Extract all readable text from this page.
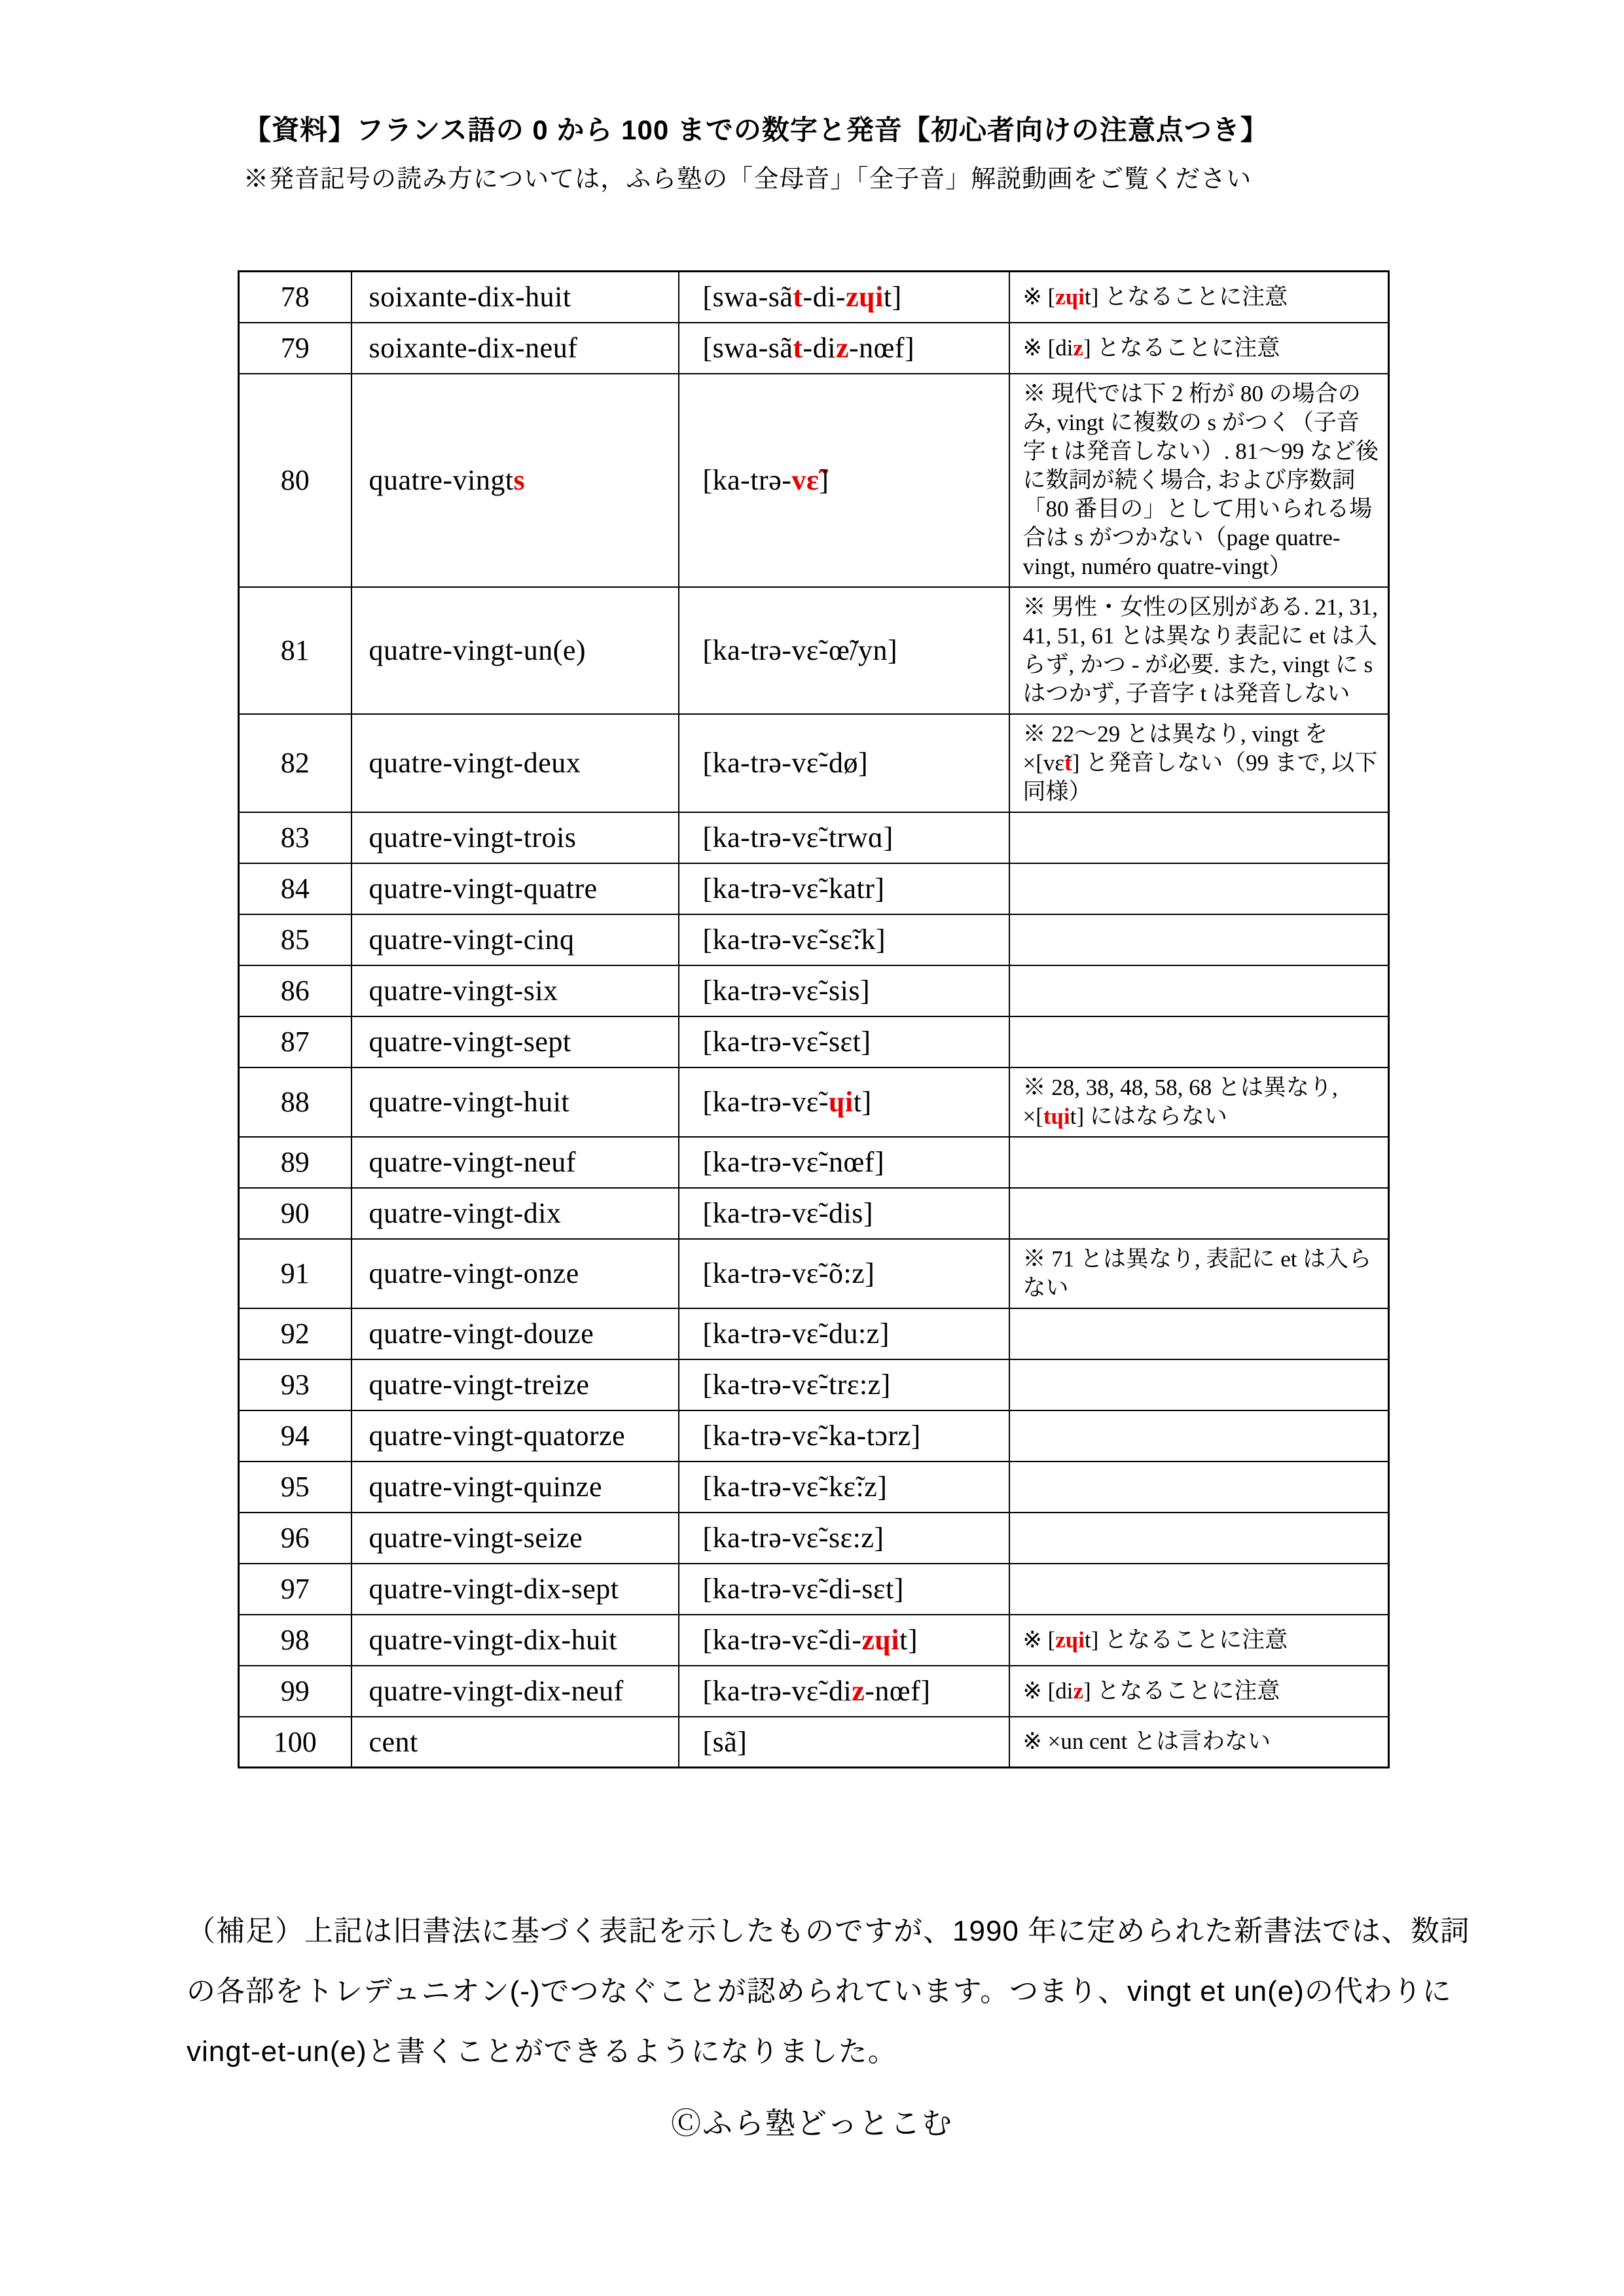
【資料】フランス語の 0 から 100 までの数字と発音【初心者向けの注意点つき】
※発音記号の読み方については，ふら塾の「全母音」「全子音」解説動画をご覧ください
78	soixante-dix-huit	[swa-sãt-di-zɥit]	※ [zɥit] となることに注意
79	soixante-dix-neuf	[swa-sãt-diz-nœf]	※ [diz] となることに注意
80	quatre-vingts	[ka-trə-vɛ̃]	※ 現代では下 2 桁が 80 の場合のみ, vingt に複数の s がつく（子音字 t は発音しない）. 81～99 など後に数詞が続く場合, および序数詞「80 番目の」として用いられる場合は s がつかない（page quatre-vingt, numéro quatre-vingt）
81	quatre-vingt-un(e)	[ka-trə-vɛ̃-œ̃/yn]	※ 男性・女性の区別がある. 21, 31, 41, 51, 61 とは異なり表記に et は入らず, かつ - が必要. また, vingt に s はつかず, 子音字 t は発音しない
82	quatre-vingt-deux	[ka-trə-vɛ̃-dø]	※ 22～29 とは異なり, vingt を ×[vɛ̃t] と発音しない（99 まで, 以下同様）
83	quatre-vingt-trois	[ka-trə-vɛ̃-trwɑ]	
84	quatre-vingt-quatre	[ka-trə-vɛ̃-katr]	
85	quatre-vingt-cinq	[ka-trə-vɛ̃-sɛ̃:k]	
86	quatre-vingt-six	[ka-trə-vɛ̃-sis]	
87	quatre-vingt-sept	[ka-trə-vɛ̃-sɛt]	
88	quatre-vingt-huit	[ka-trə-vɛ̃-ɥit]	※ 28, 38, 48, 58, 68 とは異なり, ×[tɥit] にはならない
89	quatre-vingt-neuf	[ka-trə-vɛ̃-nœf]	
90	quatre-vingt-dix	[ka-trə-vɛ̃-dis]	
91	quatre-vingt-onze	[ka-trə-vɛ̃-õ:z]	※ 71 とは異なり, 表記に et は入らない
92	quatre-vingt-douze	[ka-trə-vɛ̃-du:z]	
93	quatre-vingt-treize	[ka-trə-vɛ̃-trɛ:z]	
94	quatre-vingt-quatorze	[ka-trə-vɛ̃-ka-tɔrz]	
95	quatre-vingt-quinze	[ka-trə-vɛ̃-kɛ̃:z]	
96	quatre-vingt-seize	[ka-trə-vɛ̃-sɛ:z]	
97	quatre-vingt-dix-sept	[ka-trə-vɛ̃-di-sɛt]	
98	quatre-vingt-dix-huit	[ka-trə-vɛ̃-di-zɥit]	※ [zɥit] となることに注意
99	quatre-vingt-dix-neuf	[ka-trə-vɛ̃-diz-nœf]	※ [diz] となることに注意
100	cent	[sã]	※ ×un cent とは言わない
（補足）上記は旧書法に基づく表記を示したものですが、1990 年に定められた新書法では、数詞の各部をトレデュニオン(-)でつなぐことが認められています。つまり、vingt et un(e)の代わりに vingt-et-un(e)と書くことができるようになりました。
Ⓒふら塾どっとこむ
